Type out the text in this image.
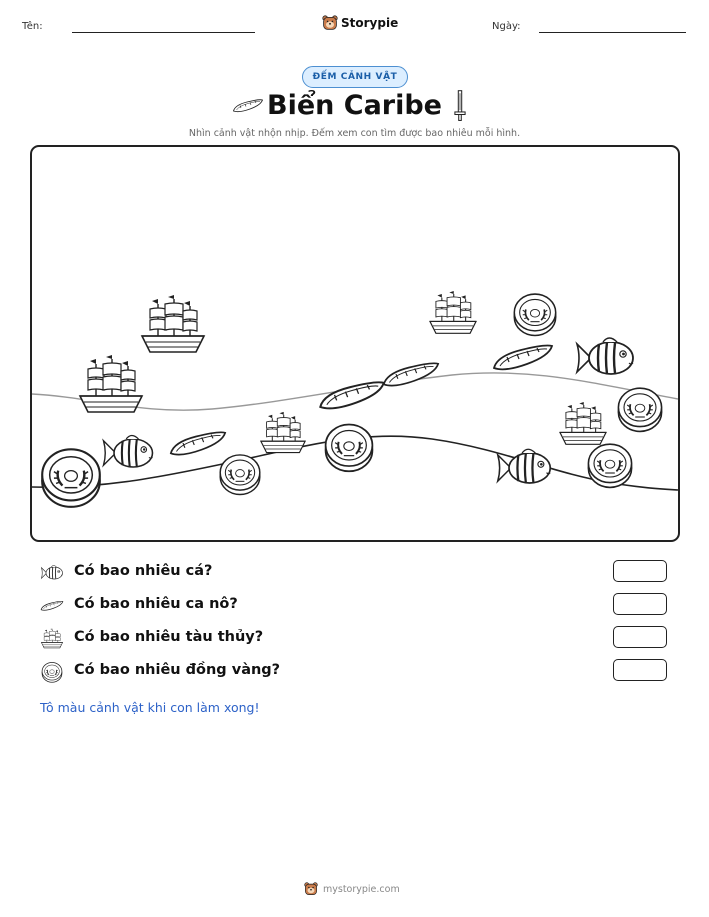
Tên:	Storypie	Ngày:
ĐẾM CẢNH VẬT
Biển Caribe
Nhìn cảnh vật nhộn nhịp. Đếm xem con tìm được bao nhiêu mỗi hình.
Có bao nhiêu cá?
Có bao nhiêu ca nô?
Có bao nhiêu tàu thủy?
Có bao nhiêu đồng vàng?
Tô màu cảnh vật khi con làm xong!
mystorypie.com
